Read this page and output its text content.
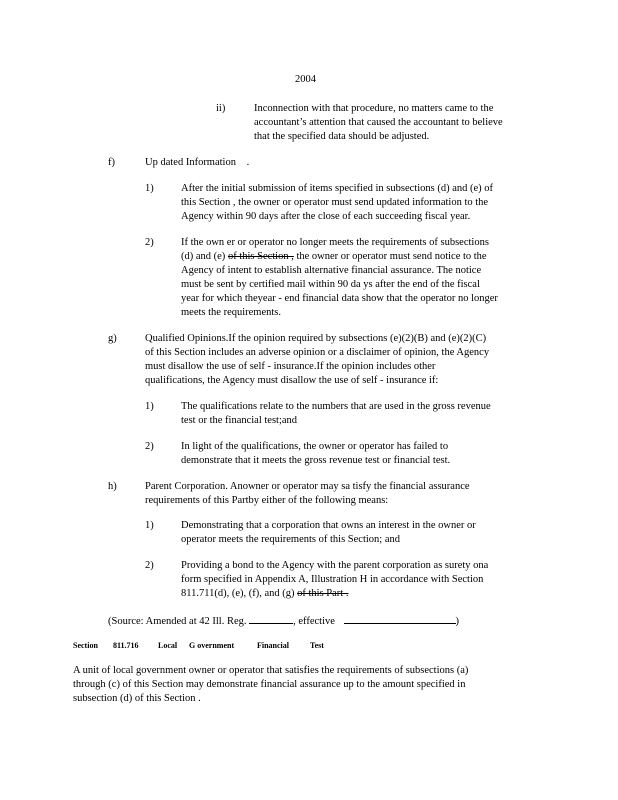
2004
ii)	Inconnection with that procedure, no matters came to the
accountant’s attention that caused the accountant to believe
that the specified data should be adjusted.
f)	Up dated Information .
1)	After the initial submission of items specified in subsections (d) and (e) of
this Section , the owner or operator must send updated information to the
Agency within 90 days after the close of each succeeding fiscal year.
2)	If the own er or operator no longer meets the requirements of subsections
(d) and (e) of this Section , the owner or operator must send notice to the
Agency of intent to establish alternative financial assurance. The notice
must be sent by certified mail within 90 da ys after the end of the fiscal
year for which theyear - end financial data show that the operator no longer
meets the requirements.
g)	Qualified Opinions.If the opinion required by subsections (e)(2)(B) and (e)(2)(C)
of this Section includes an adverse opinion or a disclaimer of opinion, the Agency
must disallow the use of self - insurance.If the opinion includes other
qualifications, the Agency must disallow the use of self - insurance if:
1)	The qualifications relate to the numbers that are used in the gross revenue
test or the financial test;and
2)	In light of the qualifications, the owner or operator has failed to
demonstrate that it meets the gross revenue test or financial test.
h)	Parent Corporation. Anowner or operator may sa tisfy the financial assurance
requirements of this Partby either of the following means:
1)	Demonstrating that a corporation that owns an interest in the owner or
operator meets the requirements of this Section; and
2)	Providing a bond to the Agency with the parent corporation as surety ona
form specified in Appendix A, Illustration H in accordance with Section
811.711(d), (e), (f), and (g) of this Part .
(Source: Amended at 42 Ill. Reg.	, effective	)
Section 811.716 Local G overnment	Financial	Test
A unit of local government owner or operator that satisfies the requirements of subsections (a)
through (c) of this Section may demonstrate financial assurance up to the amount specified in
subsection (d) of this Section .
